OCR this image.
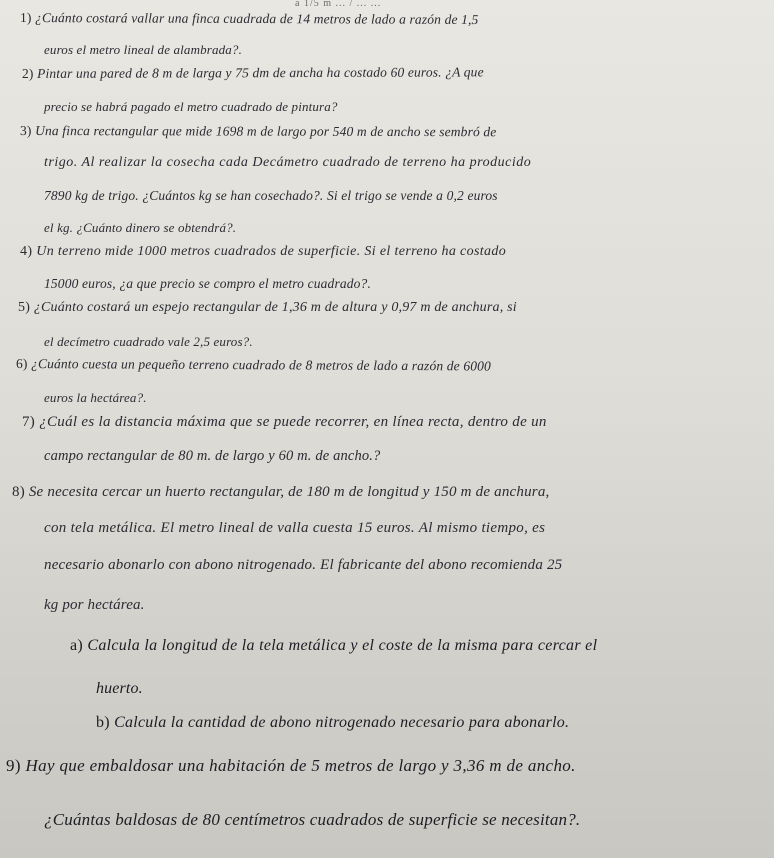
a 1/5 m ... / ... ...
1) ¿Cuánto costará vallar una finca cuadrada de 14 metros de lado a razón de 1,5
euros el metro lineal de alambrada?.
2) Pintar una pared de 8 m de larga y 75 dm de ancha ha costado 60 euros. ¿A que
precio se habrá pagado el metro cuadrado de pintura?
3) Una finca rectangular que mide 1698 m de largo por 540 m de ancho se sembró de
trigo. Al realizar la cosecha cada Decámetro cuadrado de terreno ha producido
7890 kg de trigo. ¿Cuántos kg se han cosechado?. Si el trigo se vende a 0,2 euros
el kg. ¿Cuánto dinero se obtendrá?.
4) Un terreno mide 1000 metros cuadrados de superficie. Si el terreno ha costado
15000 euros, ¿a que precio se compro el metro cuadrado?.
5) ¿Cuánto costará un espejo rectangular de 1,36 m de altura y 0,97 m de anchura, si
el decímetro cuadrado vale 2,5 euros?.
6) ¿Cuánto cuesta un pequeño terreno cuadrado de 8 metros de lado a razón de 6000
euros la hectárea?.
7) ¿Cuál es la distancia máxima que se puede recorrer, en línea recta, dentro de un
campo rectangular de 80 m. de largo y 60 m. de ancho.?
8) Se necesita cercar un huerto rectangular, de 180 m de longitud y 150 m de anchura,
con tela metálica. El metro lineal de valla cuesta 15 euros. Al mismo tiempo, es
necesario abonarlo con abono nitrogenado. El fabricante del abono recomienda 25
kg por hectárea.
a) Calcula la longitud de la tela metálica y el coste de la misma para cercar el
huerto.
b) Calcula la cantidad de abono nitrogenado necesario para abonarlo.
9) Hay que embaldosar una habitación de 5 metros de largo y 3,36 m de ancho.
¿Cuántas baldosas de 80 centímetros cuadrados de superficie se necesitan?.
